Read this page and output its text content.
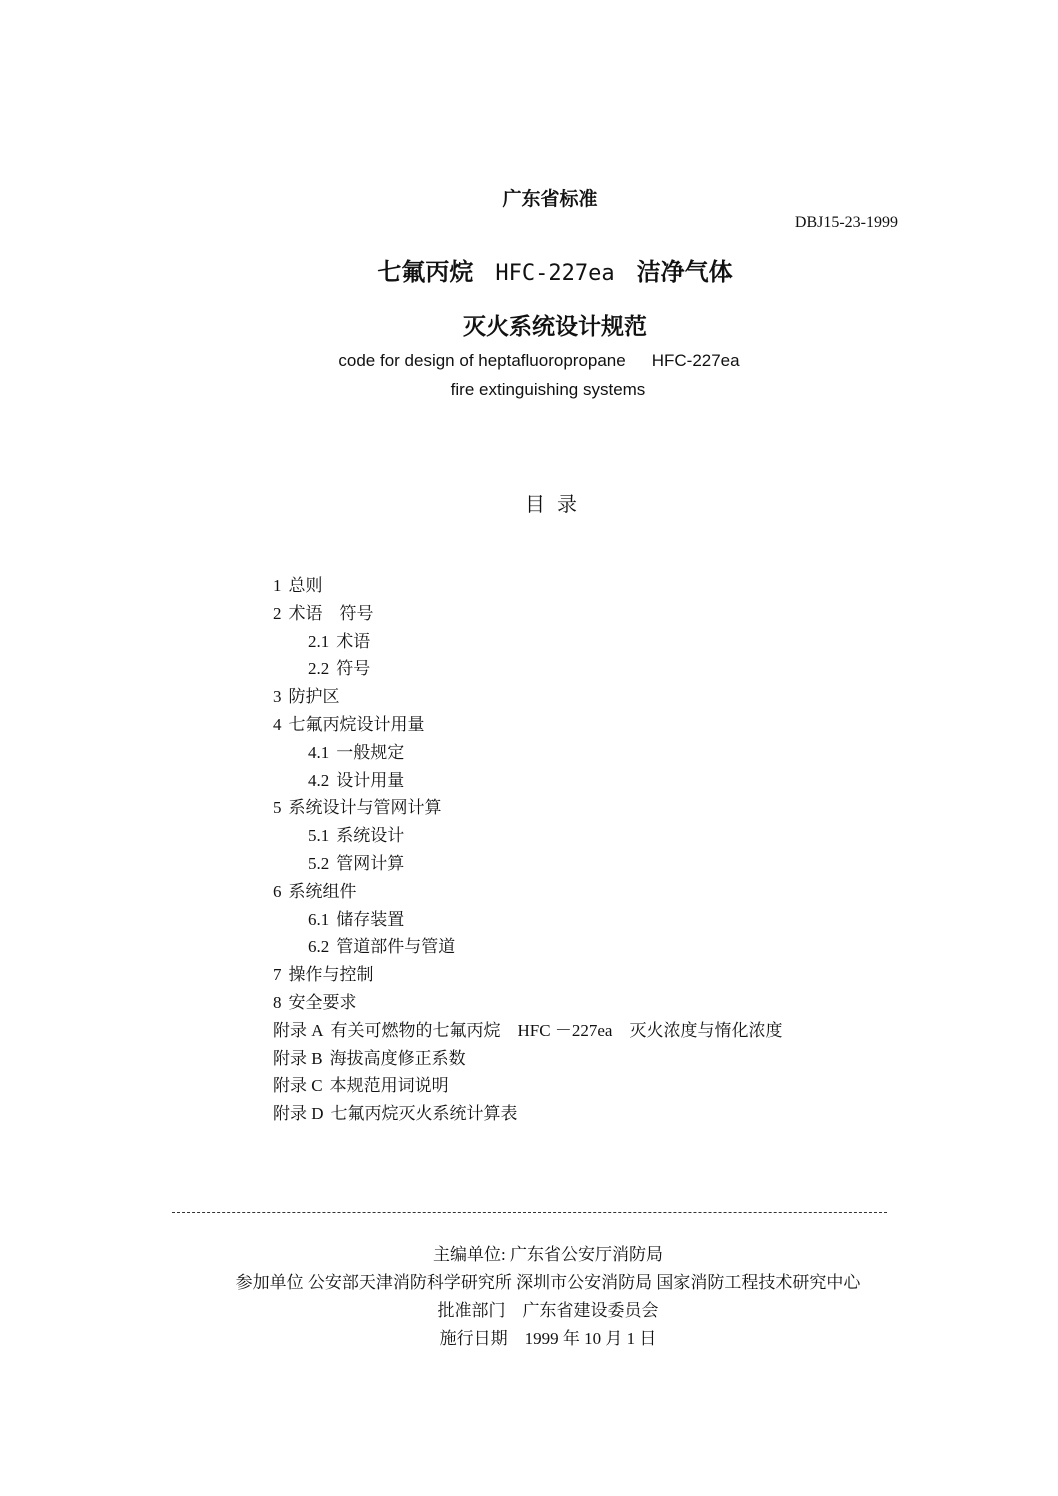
广东省标准
DBJ15-23-1999
七氟丙烷 HFC-227ea 洁净气体
灭火系统设计规范
code for design of heptafluoropropane HFC-227ea
fire extinguishing systems
目录
1 总则
2 术语　符号
2.1 术语
2.2 符号
3 防护区
4 七氟丙烷设计用量
4.1 一般规定
4.2 设计用量
5 系统设计与管网计算
5.1 系统设计
5.2 管网计算
6 系统组件
6.1 储存装置
6.2 管道部件与管道
7 操作与控制
8 安全要求
附录 A 有关可燃物的七氟丙烷　HFC －227ea　灭火浓度与惰化浓度
附录 B 海拔高度修正系数
附录 C 本规范用词说明
附录 D 七氟丙烷灭火系统计算表
主编单位: 广东省公安厅消防局
参加单位 公安部天津消防科学研究所 深圳市公安消防局 国家消防工程技术研究中心
批准部门　广东省建设委员会
施行日期　1999 年 10 月 1 日
